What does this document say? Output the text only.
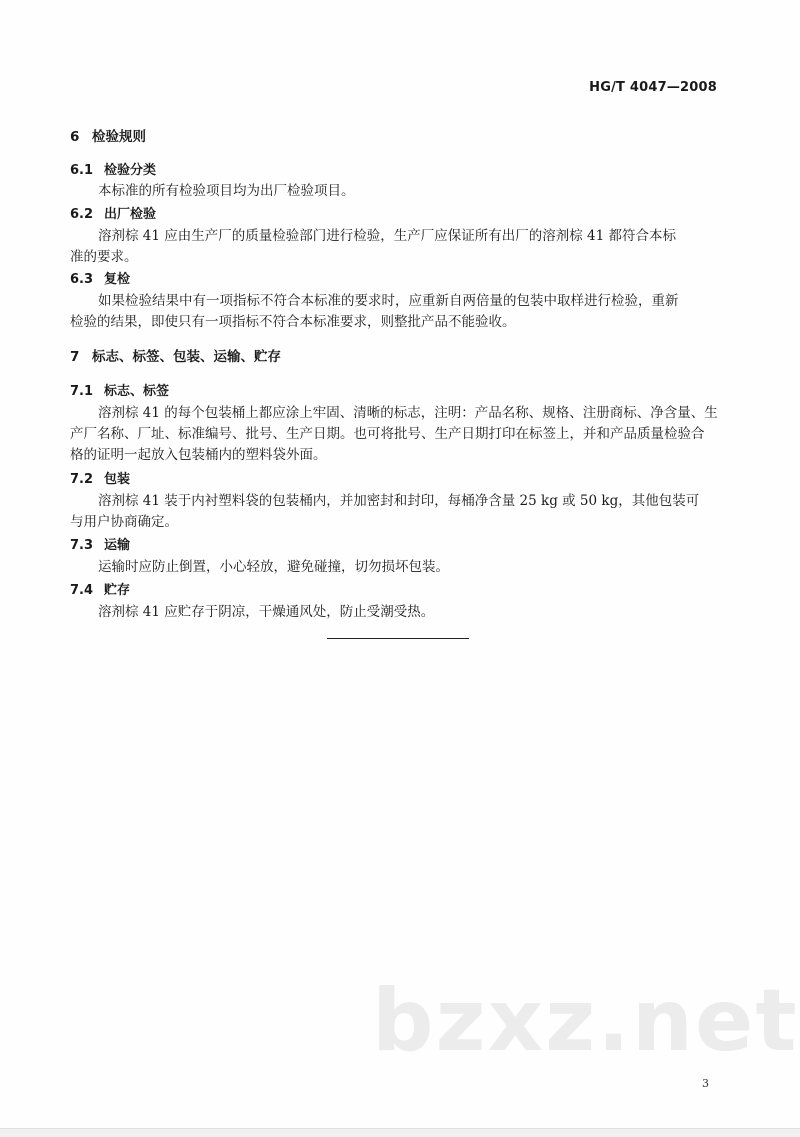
HG/T 4047—2008
6 检验规则
6.1 检验分类
本标准的所有检验项目均为出厂检验项目。
6.2 出厂检验
溶剂棕 41 应由生产厂的质量检验部门进行检验，生产厂应保证所有出厂的溶剂棕 41 都符合本标
准的要求。
6.3 复检
如果检验结果中有一项指标不符合本标准的要求时，应重新自两倍量的包装中取样进行检验，重新
检验的结果，即使只有一项指标不符合本标准要求，则整批产品不能验收。
7 标志、标签、包装、运输、贮存
7.1 标志、标签
溶剂棕 41 的每个包装桶上都应涂上牢固、清晰的标志，注明：产品名称、规格、注册商标、净含量、生
产厂名称、厂址、标准编号、批号、生产日期。也可将批号、生产日期打印在标签上，并和产品质量检验合
格的证明一起放入包装桶内的塑料袋外面。
7.2 包装
溶剂棕 41 装于内衬塑料袋的包装桶内，并加密封和封印，每桶净含量 25 kg 或 50 kg，其他包装可
与用户协商确定。
7.3 运输
运输时应防止倒置，小心轻放，避免碰撞，切勿损坏包装。
7.4 贮存
溶剂棕 41 应贮存于阴凉，干燥通风处，防止受潮受热。
bzxz.net
3
